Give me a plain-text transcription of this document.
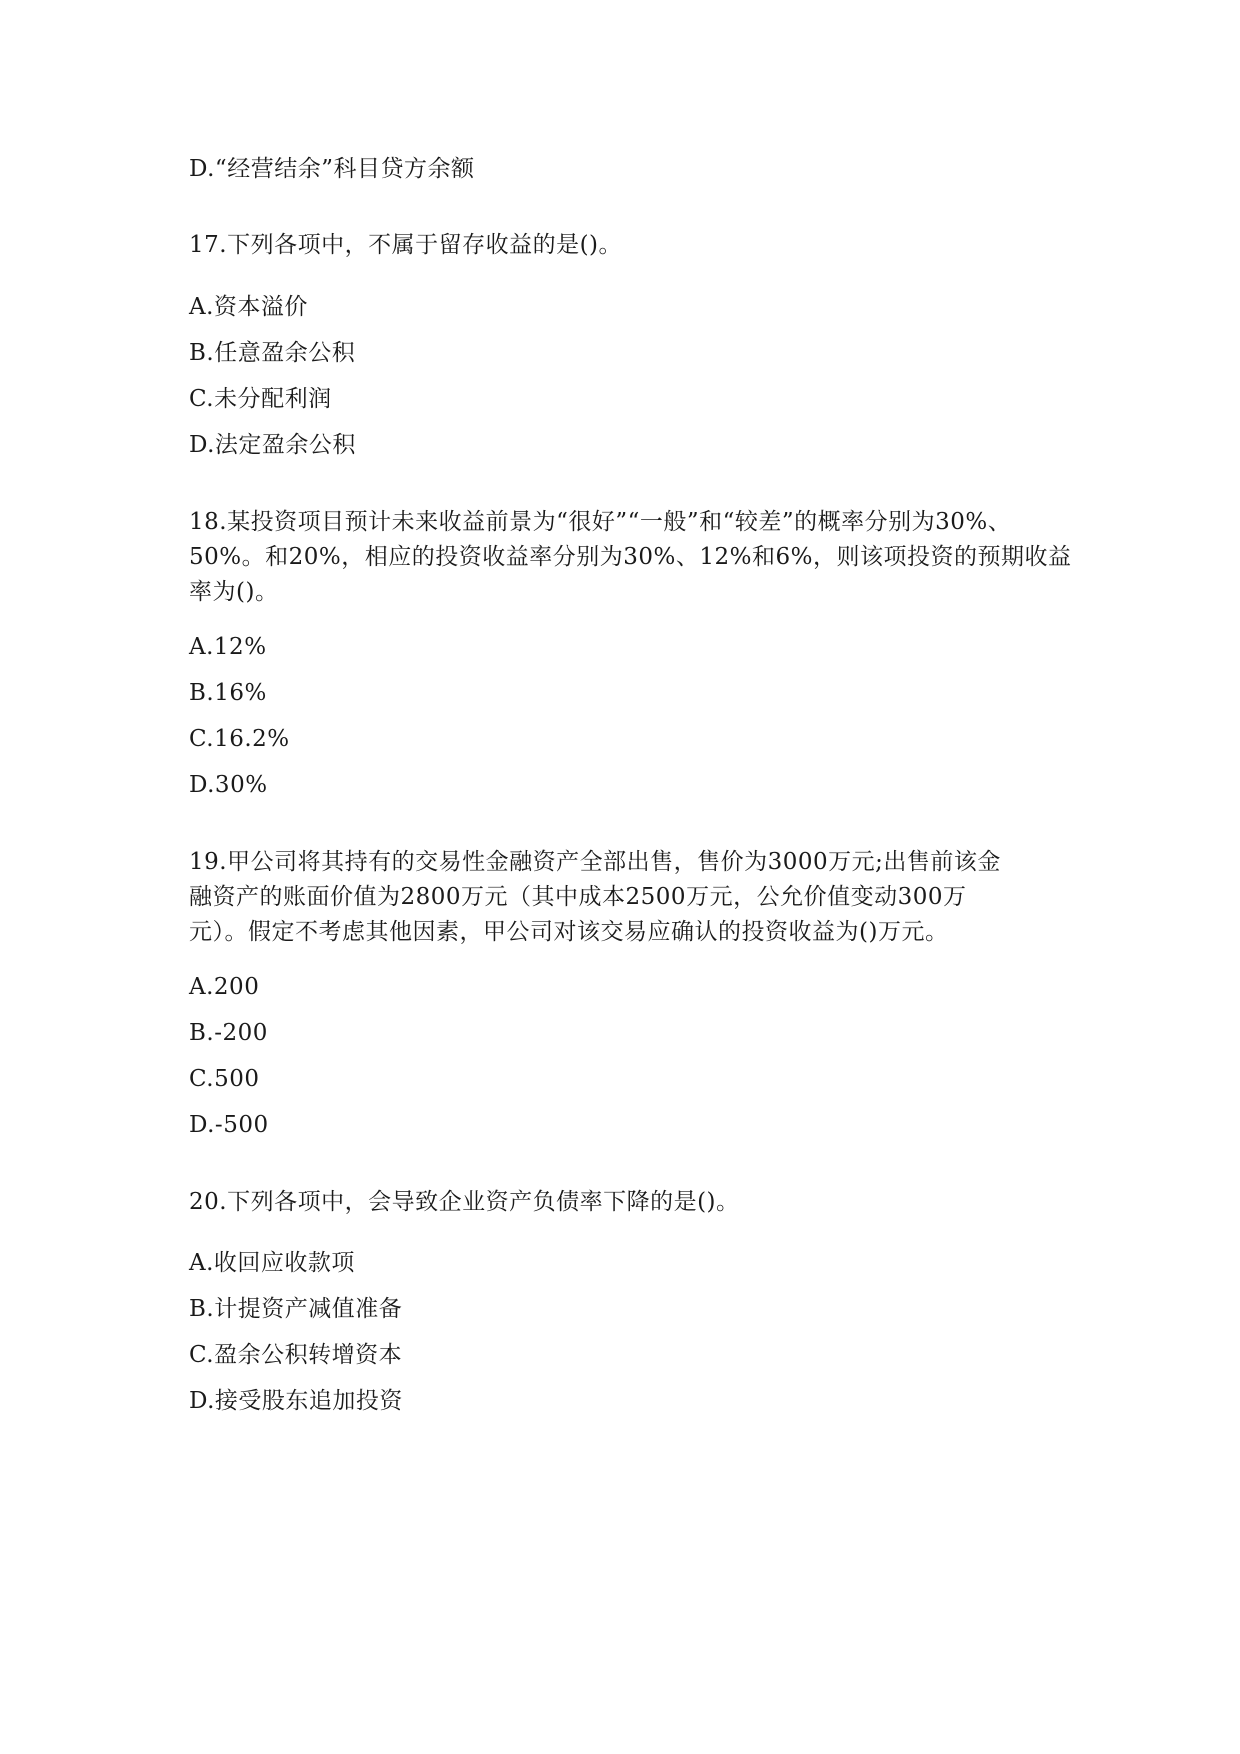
D.“经营结余”科目贷方余额
17.下列各项中，不属于留存收益的是()。
A.资本溢价
B.任意盈余公积
C.未分配利润
D.法定盈余公积
18.某投资项目预计未来收益前景为“很好”“一般”和“较差”的概率分别为30%、
50%。和20%，相应的投资收益率分别为30%、12%和6%，则该项投资的预期收益
率为()。
A.12%
B.16%
C.16.2%
D.30%
19.甲公司将其持有的交易性金融资产全部出售，售价为3000万元;出售前该金
融资产的账面价值为2800万元（其中成本2500万元，公允价值变动300万
元）。假定不考虑其他因素，甲公司对该交易应确认的投资收益为()万元。
A.200
B.-200
C.500
D.-500
20.下列各项中，会导致企业资产负债率下降的是()。
A.收回应收款项
B.计提资产减值准备
C.盈余公积转增资本
D.接受股东追加投资
